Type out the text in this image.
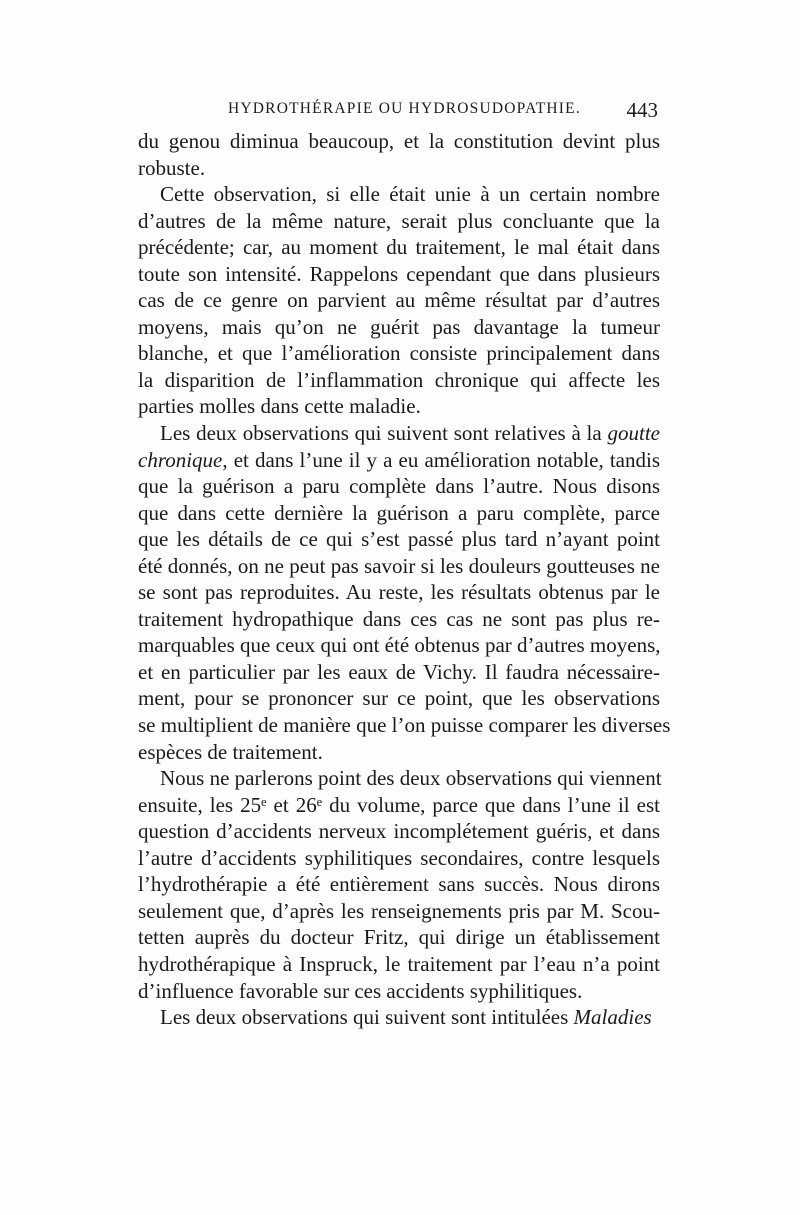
HYDROTHÉRAPIE OU HYDROSUDOPATHIE. 443
du genou diminua beaucoup, et la constitution devint plus
robuste.
Cette observation, si elle était unie à un certain nombre
d’autres de la même nature, serait plus concluante que la
précédente; car, au moment du traitement, le mal était dans
toute son intensité. Rappelons cependant que dans plusieurs
cas de ce genre on parvient au même résultat par d’autres
moyens, mais qu’on ne guérit pas davantage la tumeur
blanche, et que l’amélioration consiste principalement dans
la disparition de l’inflammation chronique qui affecte les
parties molles dans cette maladie.
Les deux observations qui suivent sont relatives à la goutte
chronique, et dans l’une il y a eu amélioration notable, tandis
que la guérison a paru complète dans l’autre. Nous disons
que dans cette dernière la guérison a paru complète, parce
que les détails de ce qui s’est passé plus tard n’ayant point
été donnés, on ne peut pas savoir si les douleurs goutteuses ne
se sont pas reproduites. Au reste, les résultats obtenus par le
traitement hydropathique dans ces cas ne sont pas plus re-
marquables que ceux qui ont été obtenus par d’autres moyens,
et en particulier par les eaux de Vichy. Il faudra nécessaire-
ment, pour se prononcer sur ce point, que les observations
se multiplient de manière que l’on puisse comparer les diverses
espèces de traitement.
Nous ne parlerons point des deux observations qui viennent
ensuite, les 25ᵉ et 26ᵉ du volume, parce que dans l’une il est
question d’accidents nerveux incomplétement guéris, et dans
l’autre d’accidents syphilitiques secondaires, contre lesquels
l’hydrothérapie a été entièrement sans succès. Nous dirons
seulement que, d’après les renseignements pris par M. Scou-
tetten auprès du docteur Fritz, qui dirige un établissement
hydrothérapique à Inspruck, le traitement par l’eau n’a point
d’influence favorable sur ces accidents syphilitiques.
Les deux observations qui suivent sont intitulées Maladies
